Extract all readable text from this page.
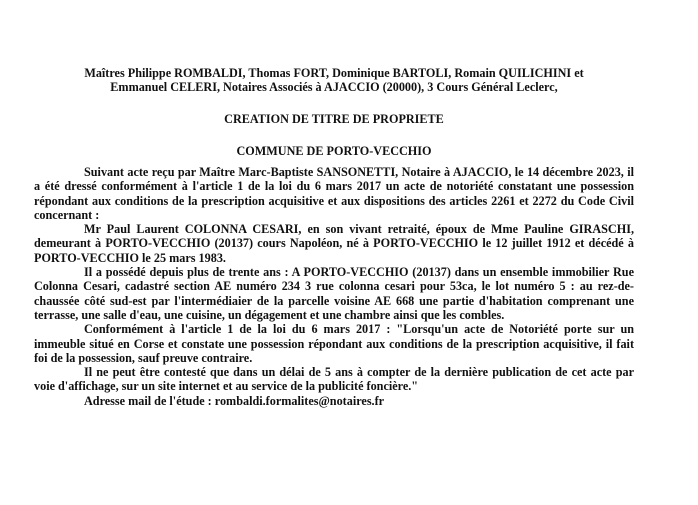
Maîtres Philippe ROMBALDI, Thomas FORT, Dominique BARTOLI, Romain QUILICHINI et

Emmanuel CELERI, Notaires Associés à AJACCIO (20000), 3 Cours Général Leclerc,

CREATION DE TITRE DE PROPRIETE

COMMUNE DE PORTO-VECCHIO

Suivant acte reçu par Maître Marc-Baptiste SANSONETTI, Notaire à AJACCIO, le 14 décembre 2023, il a été dressé conformément à l'article 1 de la loi du 6 mars 2017 un acte de notoriété constatant une possession répondant aux conditions de la prescription acquisitive et aux dispositions des articles 2261 et 2272 du Code Civil concernant :

Mr Paul Laurent COLONNA CESARI, en son vivant retraité, époux de Mme Pauline GIRASCHI, demeurant à PORTO-VECCHIO (20137) cours Napoléon, né à PORTO-VECCHIO le 12 juillet 1912 et décédé à PORTO-VECCHIO le 25 mars 1983.

Il a possédé depuis plus de trente ans : A PORTO-VECCHIO (20137) dans un ensemble immobilier Rue Colonna Cesari, cadastré section AE numéro 234 3 rue colonna cesari pour 53ca, le lot numéro 5 : au rez-de-chaussée côté sud-est par l'intermédiaier de la parcelle voisine AE 668 une partie d'habitation comprenant une terrasse, une salle d'eau, une cuisine, un dégagement et une chambre ainsi que les combles.

Conformément à l'article 1 de la loi du 6 mars 2017 : "Lorsqu'un acte de Notoriété porte sur un immeuble situé en Corse et constate une possession répondant aux conditions de la prescription acquisitive, il fait foi de la possession, sauf preuve contraire.

Il ne peut être contesté que dans un délai de 5 ans à compter de la dernière publication de cet acte par voie d'affichage, sur un site internet et au service de la publicité foncière."

Adresse mail de l'étude : rombaldi.formalites@notaires.fr
